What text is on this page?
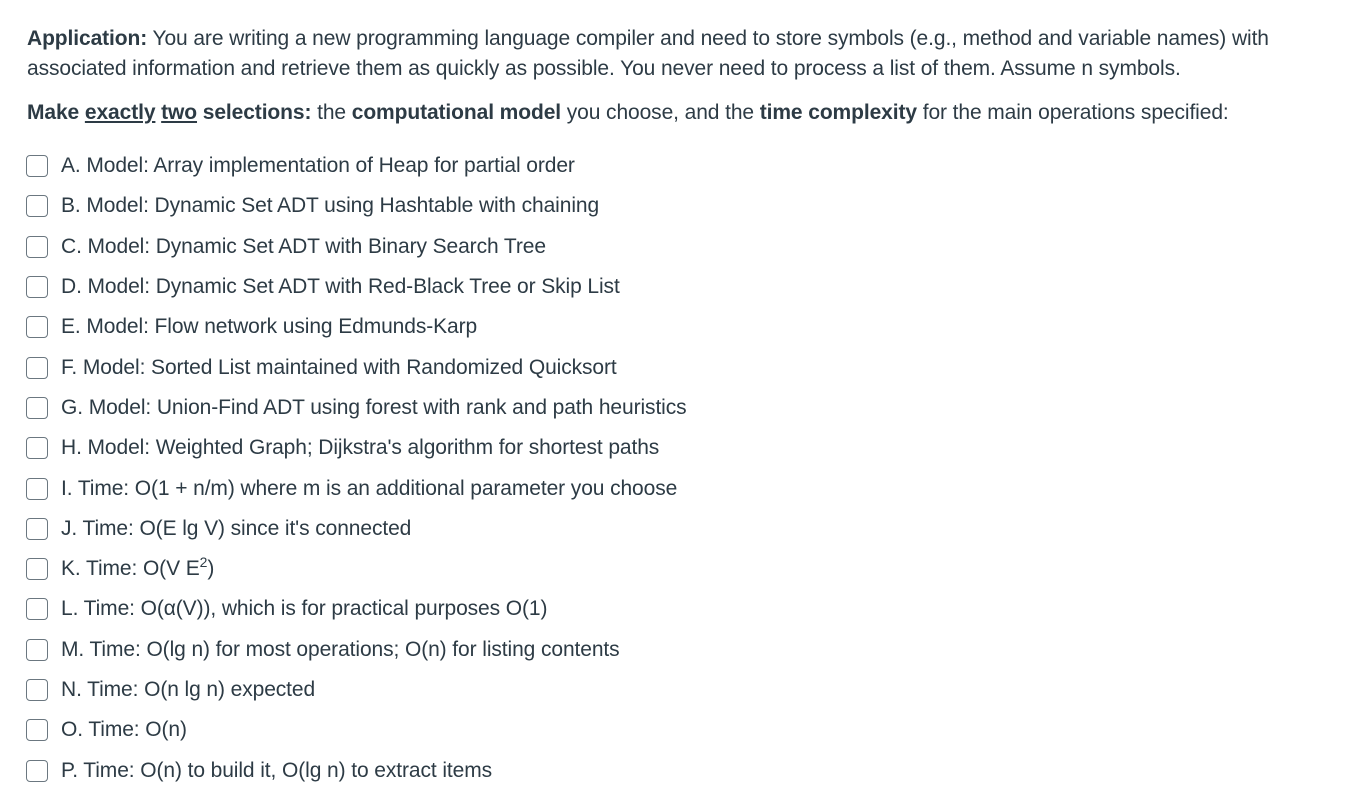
Application: You are writing a new programming language compiler and need to store symbols (e.g., method and variable names) with associated information and retrieve them as quickly as possible. You never need to process a list of them. Assume n symbols.

Make exactly two selections: the computational model you choose, and the time complexity for the main operations specified:

A. Model: Array implementation of Heap for partial order
B. Model: Dynamic Set ADT using Hashtable with chaining
C. Model: Dynamic Set ADT with Binary Search Tree
D. Model: Dynamic Set ADT with Red-Black Tree or Skip List
E. Model: Flow network using Edmunds-Karp
F. Model: Sorted List maintained with Randomized Quicksort
G. Model: Union-Find ADT using forest with rank and path heuristics
H. Model: Weighted Graph; Dijkstra's algorithm for shortest paths
I. Time: O(1 + n/m) where m is an additional parameter you choose
J. Time: O(E lg V) since it's connected
K. Time: O(V $E^2$)
L. Time: O(α(V)), which is for practical purposes O(1)
M. Time: O(lg n) for most operations; O(n) for listing contents
N. Time: O(n lg n) expected
O. Time: O(n)
P. Time: O(n) to build it, O(lg n) to extract items
